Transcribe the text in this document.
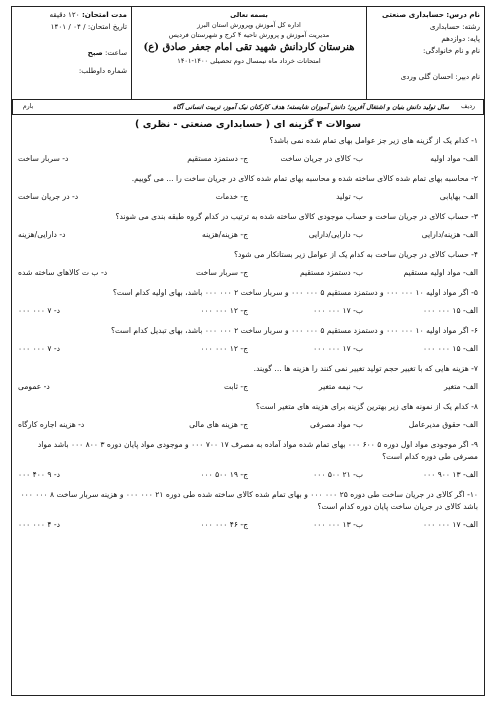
نام درس: حسابداری صنعتی
رشته: حسابداری
پایه: دوازدهم
نام و نام خانوادگی:
نام دبیر: احسان گلی وردی
بسمه تعالی
اداره کل آموزش وپرورش استان البرز
مدیریت آموزش و پرورش ناحیه ۴ کرج و شهرستان فردیس
هنرستان کاردانش شهید تقی امام جعفر صادق (ع)
امتحانات خرداد ماه نیمسال دوم تحصیلی ۱۴۰۰-۱۴۰۱
مدت امتحان: ۱۲۰ دقیقه
تاریخ امتحان: / ۰۴ / ۱۴۰۱
ساعت: صبح
شماره داوطلب:
ردیف
سال تولید دانش بنیان و اشتغال آفرین؛ دانش آموزان شایسته؛ هدف کارکنان نیک آموز، تربیت انسانی آگاه
بارم
سوالات ۴ گزینه ای ( حسابداری صنعتی - نظری )
۱- کدام یک از گزینه های زیر جز عوامل بهای تمام شده نمی باشد؟
الف- مواد اولیه
ب- کالای در جریان ساخت
ج- دستمزد مستقیم
د- سربار ساخت
۲- محاسبه بهای تمام شده کالای ساخته شده و محاسبه بهای تمام شده کالای در جریان ساخت را ... می گوییم.
الف- بهایابی
ب- تولید
ج- خدمات
د- در جریان ساخت
۳- حساب کالای در جریان ساخت و حساب موجودی کالای ساخته شده به ترتیب در کدام گروه طبقه بندی می شوند؟
الف- هزینه/دارایی
ب- دارایی/دارایی
ج- هزینه/هزینه
د- دارایی/هزینه
۴- حساب کالای در جریان ساخت به کدام یک از عوامل زیر بستانکار می شود؟
الف- مواد اولیه مستقیم
ب- دستمزد مستقیم
ج- سربار ساخت
د- ب ت کالاهای ساخته شده
۵- اگر مواد اولیه ۱۰ ۰۰۰ ۰۰۰ و دستمزد مستقیم ۵ ۰۰۰ ۰۰۰ و سربار ساخت ۲ ۰۰۰ ۰۰۰ باشد، بهای اولیه کدام است؟
الف- ۱۵ ۰۰۰ ۰۰۰
ب- ۱۷ ۰۰۰ ۰۰۰
ج- ۱۲ ۰۰۰ ۰۰۰
د- ۷ ۰۰۰ ۰۰۰
۶- اگر مواد اولیه ۱۰ ۰۰۰ ۰۰۰ و دستمزد مستقیم ۵ ۰۰۰ ۰۰۰ و سربار ساخت ۲ ۰۰۰ ۰۰۰ باشد، بهای تبدیل کدام است؟
الف- ۱۵ ۰۰۰ ۰۰۰
ب- ۱۷ ۰۰۰ ۰۰۰
ج- ۱۲ ۰۰۰ ۰۰۰
د- ۷ ۰۰۰ ۰۰۰
۷- هزینه هایی که با تغییر حجم تولید تغییر نمی کنند را هزینه ها ... گویند.
الف- متغیر
ب- نیمه متغیر
ج- ثابت
د- عمومی
۸- کدام یک از نمونه های زیر بهترین گزینه برای هزینه های متغیر است؟
الف- حقوق مدیرعامل
ب- مواد مصرفی
ج- هزینه های مالی
د- هزینه اجاره کارگاه
۹- اگر موجودی مواد اول دوره ۵ ۶۰۰ ۰۰۰ بهای تمام شده مواد آماده به مصرف ۱۷ ۷۰۰ ۰۰۰ و موجودی مواد پایان دوره ۳ ۸۰۰ ۰۰۰ باشد مواد مصرفی طی دوره کدام است؟
الف- ۱۳ ۹۰۰ ۰۰۰
ب- ۲۱ ۵۰۰ ۰۰۰
ج- ۱۹ ۵۰۰ ۰۰۰
د- ۹ ۴۰۰ ۰۰۰
۱۰- اگر کالای در جریان ساخت طی دوره ۲۵ ۰۰۰ ۰۰۰ و بهای تمام شده کالای ساخته شده طی دوره ۲۱ ۰۰۰ ۰۰۰ و هزینه سربار ساخت ۸ ۰۰۰ ۰۰۰ باشد کالای در جریان ساخت پایان دوره کدام است؟
الف- ۱۷ ۰۰۰ ۰۰۰
ب- ۱۳ ۰۰۰ ۰۰۰
ج- ۴۶ ۰۰۰ ۰۰۰
د- ۴ ۰۰۰ ۰۰۰
